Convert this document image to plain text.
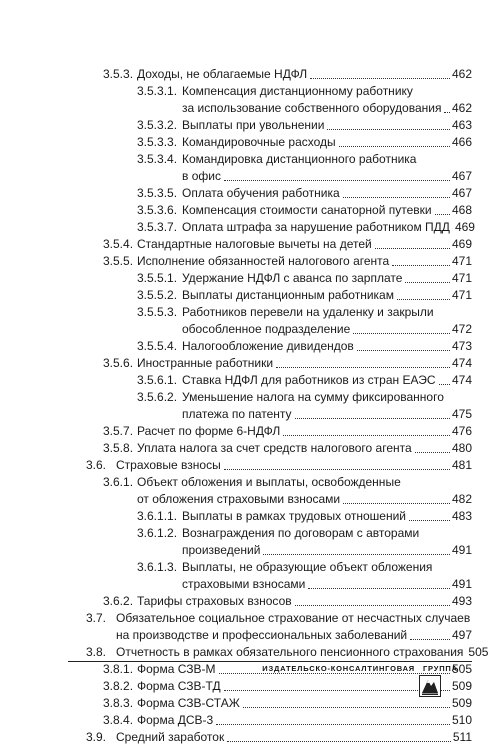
3.5.3. Доходы, не облагаемые НДФЛ	462
3.5.3.1. Компенсация дистанционному работнику
за использование собственного оборудования 462
3.5.3.2. Выплаты при увольнении	463
3.5.3.3. Командировочные расходы	466
3.5.3.4. Командировка дистанционного работника
в офис	467
3.5.3.5. Оплата обучения работника	467
3.5.3.6. Компенсация стоимости санаторной путевки 468
3.5.3.7. Оплата штрафа за нарушение работником ПДД 469
3.5.4. Стандартные налоговые вычеты на детей	469
3.5.5. Исполнение обязанностей налогового агента	471
3.5.5.1. Удержание НДФЛ с аванса по зарплате	471
3.5.5.2. Выплаты дистанционным работникам	471
3.5.5.3. Работников перевели на удаленку и закрыли
обособленное подразделение	472
3.5.5.4. Налогообложение дивидендов	473
3.5.6. Иностранные работники	474
3.5.6.1. Ставка НДФЛ для работников из стран ЕАЭС 474
3.5.6.2. Уменьшение налога на сумму фиксированного
платежа по патенту	475
3.5.7. Расчет по форме 6-НДФЛ	476
3.5.8. Уплата налога за счет средств налогового агента	480
3.6. Страховые взносы	481
3.6.1. Объект обложения и выплаты, освобожденные
от обложения страховыми взносами	482
3.6.1.1. Выплаты в рамках трудовых отношений	483
3.6.1.2. Вознаграждения по договорам с авторами
произведений	491
3.6.1.3. Выплаты, не образующие объект обложения
страховыми взносами	491
3.6.2. Тарифы страховых взносов	493
3.7. Обязательное социальное страхование от несчастных случаев
на производстве и профессиональных заболеваний	497
3.8. Отчетность в рамках обязательного пенсионного страхования 505
3.8.1. Форма СЗВ-М	505
3.8.2. Форма СЗВ-ТД	509
3.8.3. Форма СЗВ-СТАЖ	509
3.8.4. Форма ДСВ-3	510
3.9. Средний заработок	511
ИЗДАТЕЛЬСКО-КОНСАЛТИНГОВАЯ ГРУППА
